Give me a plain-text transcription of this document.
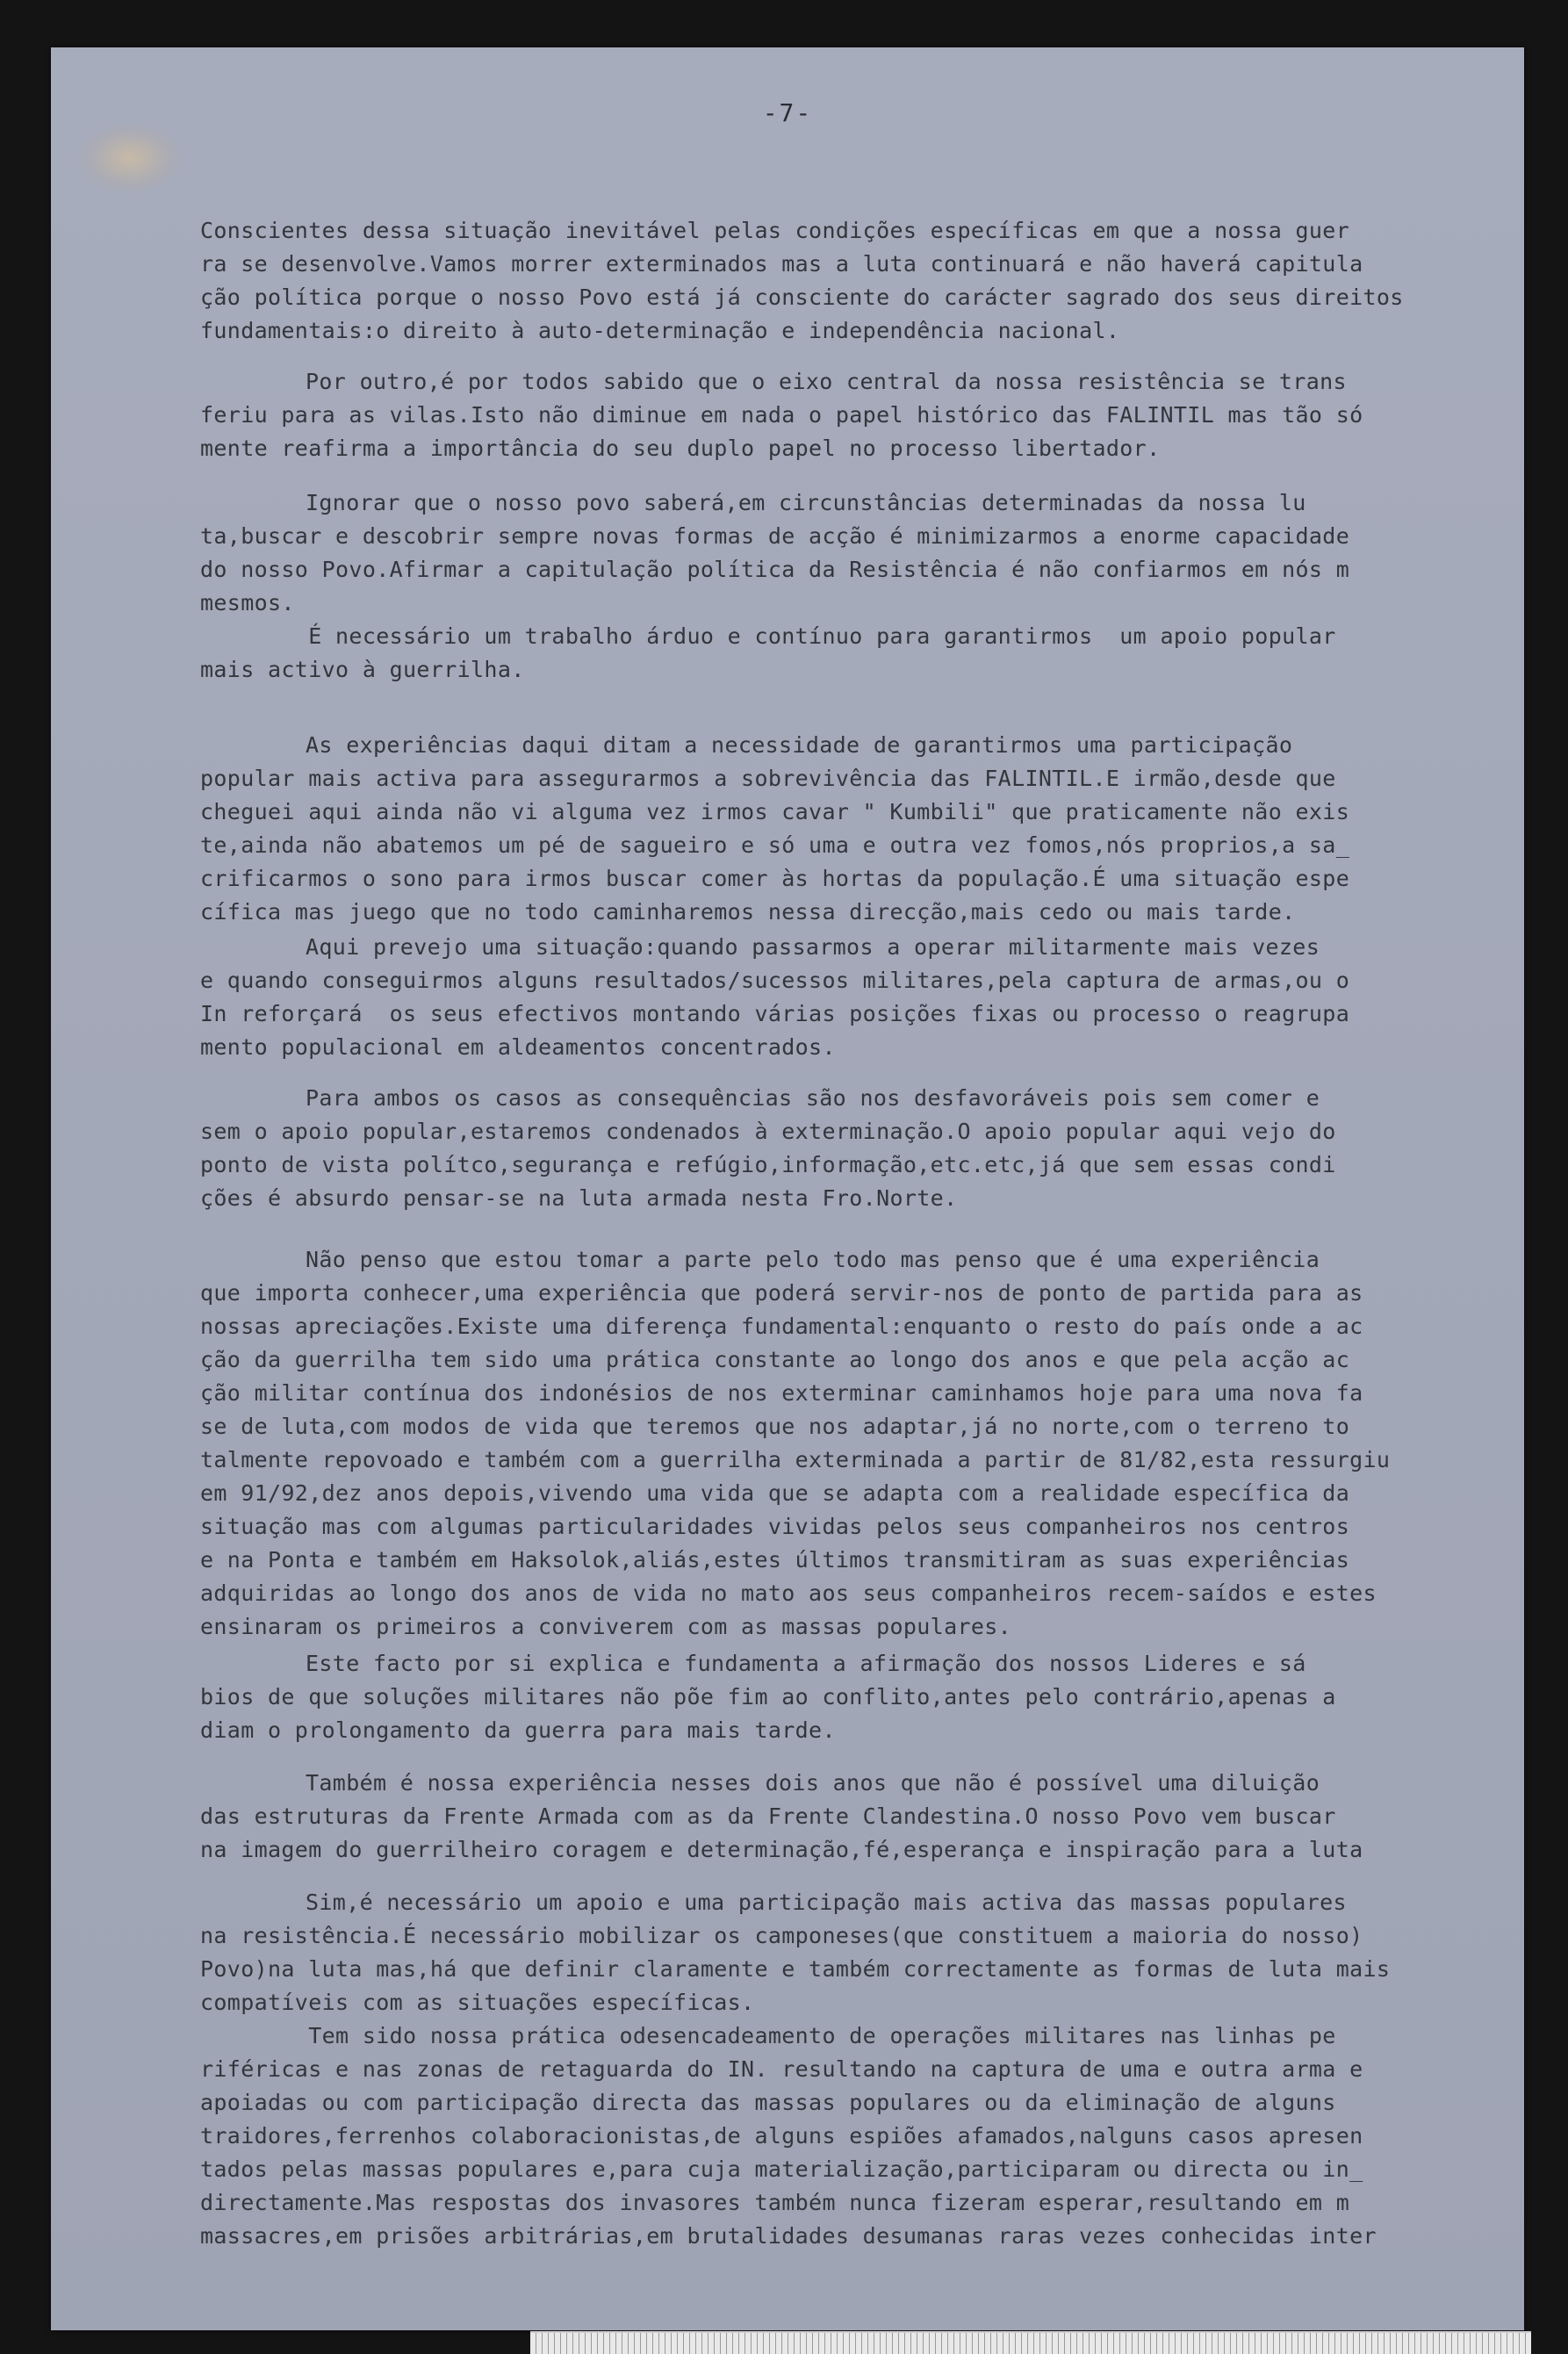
-7-
Conscientes dessa situação inevitável pelas condições específicas em que a nossa guer
ra se desenvolve.Vamos morrer exterminados mas a luta continuará e não haverá capitula
ção política porque o nosso Povo está já consciente do carácter sagrado dos seus direitos
fundamentais:o direito à auto-determinação e independência nacional.
Por outro,é por todos sabido que o eixo central da nossa resistência se trans
feriu para as vilas.Isto não diminue em nada o papel histórico das FALINTIL mas tão só
mente reafirma a importância do seu duplo papel no processo libertador.
Ignorar que o nosso povo saberá,em circunstâncias determinadas da nossa lu
ta,buscar e descobrir sempre novas formas de acção é minimizarmos a enorme capacidade
do nosso Povo.Afirmar a capitulação política da Resistência é não confiarmos em nós m
mesmos.
É necessário um trabalho árduo e contínuo para garantirmos  um apoio popular
mais activo à guerrilha.
As experiências daqui ditam a necessidade de garantirmos uma participação
popular mais activa para assegurarmos a sobrevivência das FALINTIL.E irmão,desde que
cheguei aqui ainda não vi alguma vez irmos cavar " Kumbili" que praticamente não exis
te,ainda não abatemos um pé de sagueiro e só uma e outra vez fomos,nós proprios,a sa_
crificarmos o sono para irmos buscar comer às hortas da população.É uma situação espe
cífica mas juego que no todo caminharemos nessa direcção,mais cedo ou mais tarde.
Aqui prevejo uma situação:quando passarmos a operar militarmente mais vezes
e quando conseguirmos alguns resultados/sucessos militares,pela captura de armas,ou o
In reforçará  os seus efectivos montando várias posições fixas ou processo o reagrupa
mento populacional em aldeamentos concentrados.
Para ambos os casos as consequências são nos desfavoráveis pois sem comer e
sem o apoio popular,estaremos condenados à exterminação.O apoio popular aqui vejo do
ponto de vista polítco,segurança e refúgio,informação,etc.etc,já que sem essas condi
ções é absurdo pensar-se na luta armada nesta Fro.Norte.
Não penso que estou tomar a parte pelo todo mas penso que é uma experiência
que importa conhecer,uma experiência que poderá servir-nos de ponto de partida para as
nossas apreciações.Existe uma diferença fundamental:enquanto o resto do país onde a ac
ção da guerrilha tem sido uma prática constante ao longo dos anos e que pela acção ac
ção militar contínua dos indonésios de nos exterminar caminhamos hoje para uma nova fa
se de luta,com modos de vida que teremos que nos adaptar,já no norte,com o terreno to
talmente repovoado e também com a guerrilha exterminada a partir de 81/82,esta ressurgiu
em 91/92,dez anos depois,vivendo uma vida que se adapta com a realidade específica da
situação mas com algumas particularidades vividas pelos seus companheiros nos centros
e na Ponta e também em Haksolok,aliás,estes últimos transmitiram as suas experiências
adquiridas ao longo dos anos de vida no mato aos seus companheiros recem-saídos e estes
ensinaram os primeiros a conviverem com as massas populares.
Este facto por si explica e fundamenta a afirmação dos nossos Lideres e sá
bios de que soluções militares não põe fim ao conflito,antes pelo contrário,apenas a
diam o prolongamento da guerra para mais tarde.
Também é nossa experiência nesses dois anos que não é possível uma diluição
das estruturas da Frente Armada com as da Frente Clandestina.O nosso Povo vem buscar
na imagem do guerrilheiro coragem e determinação,fé,esperança e inspiração para a luta
Sim,é necessário um apoio e uma participação mais activa das massas populares
na resistência.É necessário mobilizar os camponeses(que constituem a maioria do nosso)
Povo)na luta mas,há que definir claramente e também correctamente as formas de luta mais
compatíveis com as situações específicas.
Tem sido nossa prática odesencadeamento de operações militares nas linhas pe
riféricas e nas zonas de retaguarda do IN. resultando na captura de uma e outra arma e
apoiadas ou com participação directa das massas populares ou da eliminação de alguns
traidores,ferrenhos colaboracionistas,de alguns espiões afamados,nalguns casos apresen
tados pelas massas populares e,para cuja materialização,participaram ou directa ou in_
directamente.Mas respostas dos invasores também nunca fizeram esperar,resultando em m
massacres,em prisões arbitrárias,em brutalidades desumanas raras vezes conhecidas inter
